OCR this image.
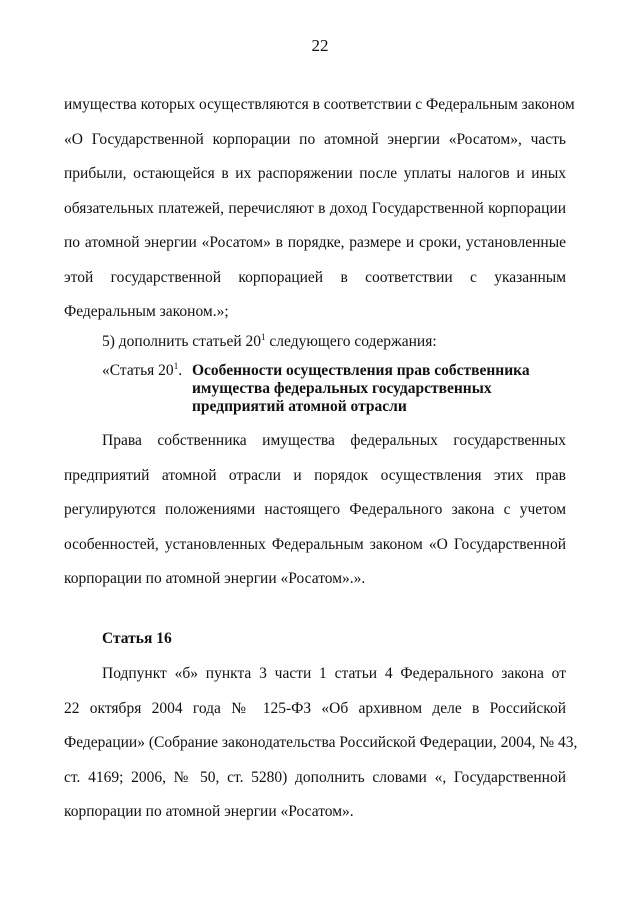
22
имущества которых осуществляются в соответствии с Федеральным законом
«О Государственной корпорации по атомной энергии «Росатом», часть
прибыли, остающейся в их распоряжении после уплаты налогов и иных
обязательных платежей, перечисляют в доход Государственной корпорации
по атомной энергии «Росатом» в порядке, размере и сроки, установленные
этой государственной корпорацией в соответствии с указанным
Федеральным законом.»;
5) дополнить статьей $20^1$ следующего содержания:
«Статья $20^1$. Особенности осуществления прав собственника
имущества федеральных государственных
предприятий атомной отрасли
Права собственника имущества федеральных государственных
предприятий атомной отрасли и порядок осуществления этих прав
регулируются положениями настоящего Федерального закона с учетом
особенностей, установленных Федеральным законом «О Государственной
корпорации по атомной энергии «Росатом».».
Статья 16
Подпункт «б» пункта 3 части 1 статьи 4 Федерального закона от
22 октября 2004 года № 125-ФЗ «Об архивном деле в Российской
Федерации» (Собрание законодательства Российской Федерации, 2004, № 43,
ст. 4169; 2006, № 50, ст. 5280) дополнить словами «, Государственной
корпорации по атомной энергии «Росатом».
